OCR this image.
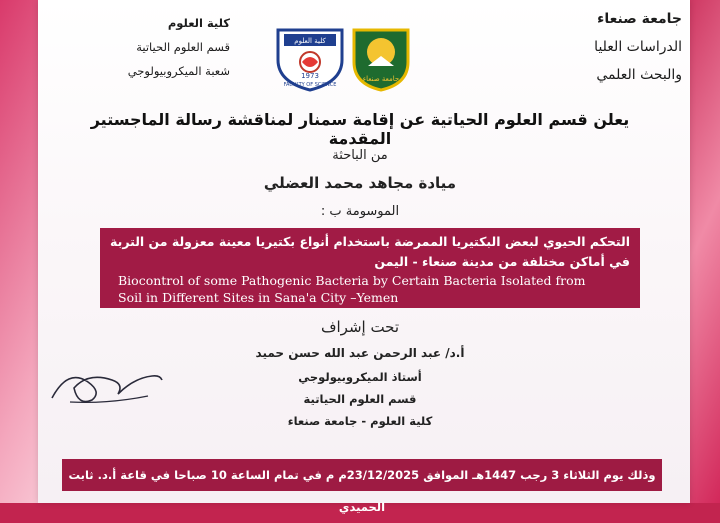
جامعة صنعاء
الدراسات العليا
والبحث العلمي
كلية العلوم
قسم العلوم الحياتية
شعبة الميكروبيولوجي
كلية العلوم
1973
FACULTY OF SCIENCE
جامعة صنعاء
يعلن قسم العلوم الحياتية عن إقامة سمنار لمناقشة رسالة الماجستير المقدمة
من الباحثة
ميادة مجاهد محمد العضلي
الموسومة ب :
التحكم الحيوي لبعض البكتيريا الممرضة باستخدام أنواع بكتيريا معينة معزولة من التربة
في أماكن مختلفة من مدينة صنعاء - اليمن
Biocontrol of some Pathogenic Bacteria by Certain Bacteria Isolated from
Soil in Different Sites in Sana'a City –Yemen
تحت إشراف
أ.د/ عبد الرحمن عبد الله حسن حميد
أستاذ الميكروبيولوجي
قسم العلوم الحياتية
كلية العلوم - جامعة صنعاء
وذلك يوم الثلاثاء 3 رجب 1447هـ الموافق 23/12/2025م م في تمام الساعة 10 صباحا في قاعة أ.د. ثابت الحميدي
